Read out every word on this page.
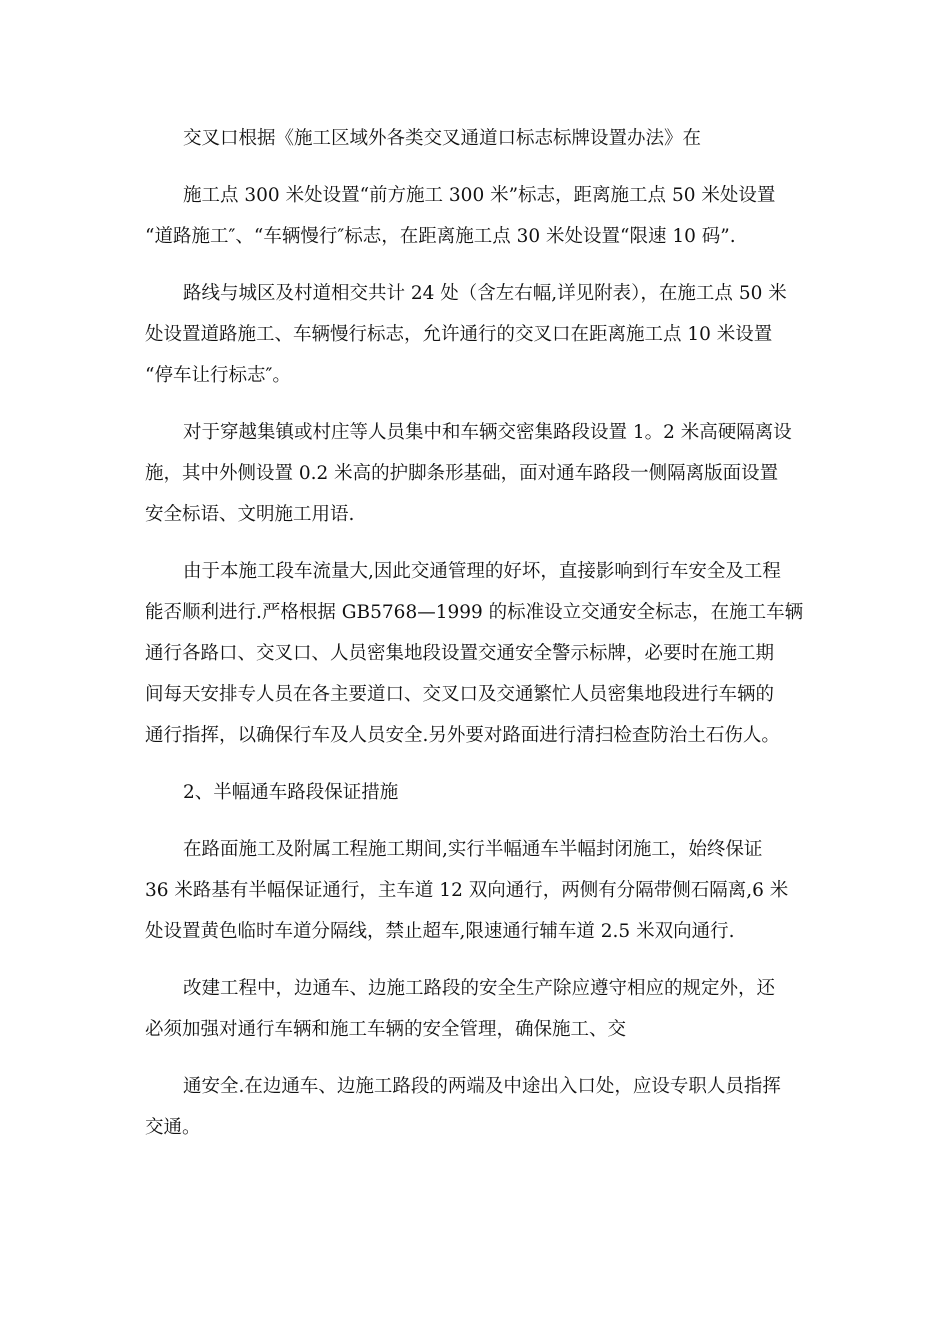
交叉口根据《施工区域外各类交叉通道口标志标牌设置办法》在
施工点 300 米处设置“前方施工 300 米”标志，距离施工点 50 米处设置
“道路施工″、“车辆慢行″标志，在距离施工点 30 米处设置“限速 10 码”.
路线与城区及村道相交共计 24 处（含左右幅,详见附表），在施工点 50 米
处设置道路施工、车辆慢行标志，允许通行的交叉口在距离施工点 10 米设置
“停车让行标志″。
对于穿越集镇或村庄等人员集中和车辆交密集路段设置 1。2 米高硬隔离设
施，其中外侧设置 0.2 米高的护脚条形基础，面对通车路段一侧隔离版面设置
安全标语、文明施工用语.
由于本施工段车流量大,因此交通管理的好坏，直接影响到行车安全及工程
能否顺利进行.严格根据 GB5768—1999 的标准设立交通安全标志，在施工车辆
通行各路口、交叉口、人员密集地段设置交通安全警示标牌，必要时在施工期
间每天安排专人员在各主要道口、交叉口及交通繁忙人员密集地段进行车辆的
通行指挥，以确保行车及人员安全.另外要对路面进行清扫检查防治土石伤人。
2、半幅通车路段保证措施
在路面施工及附属工程施工期间,实行半幅通车半幅封闭施工，始终保证
36 米路基有半幅保证通行，主车道 12 双向通行，两侧有分隔带侧石隔离,6 米
处设置黄色临时车道分隔线，禁止超车,限速通行辅车道 2.5 米双向通行.
改建工程中，边通车、边施工路段的安全生产除应遵守相应的规定外，还
必须加强对通行车辆和施工车辆的安全管理，确保施工、交
通安全.在边通车、边施工路段的两端及中途出入口处，应设专职人员指挥
交通。
